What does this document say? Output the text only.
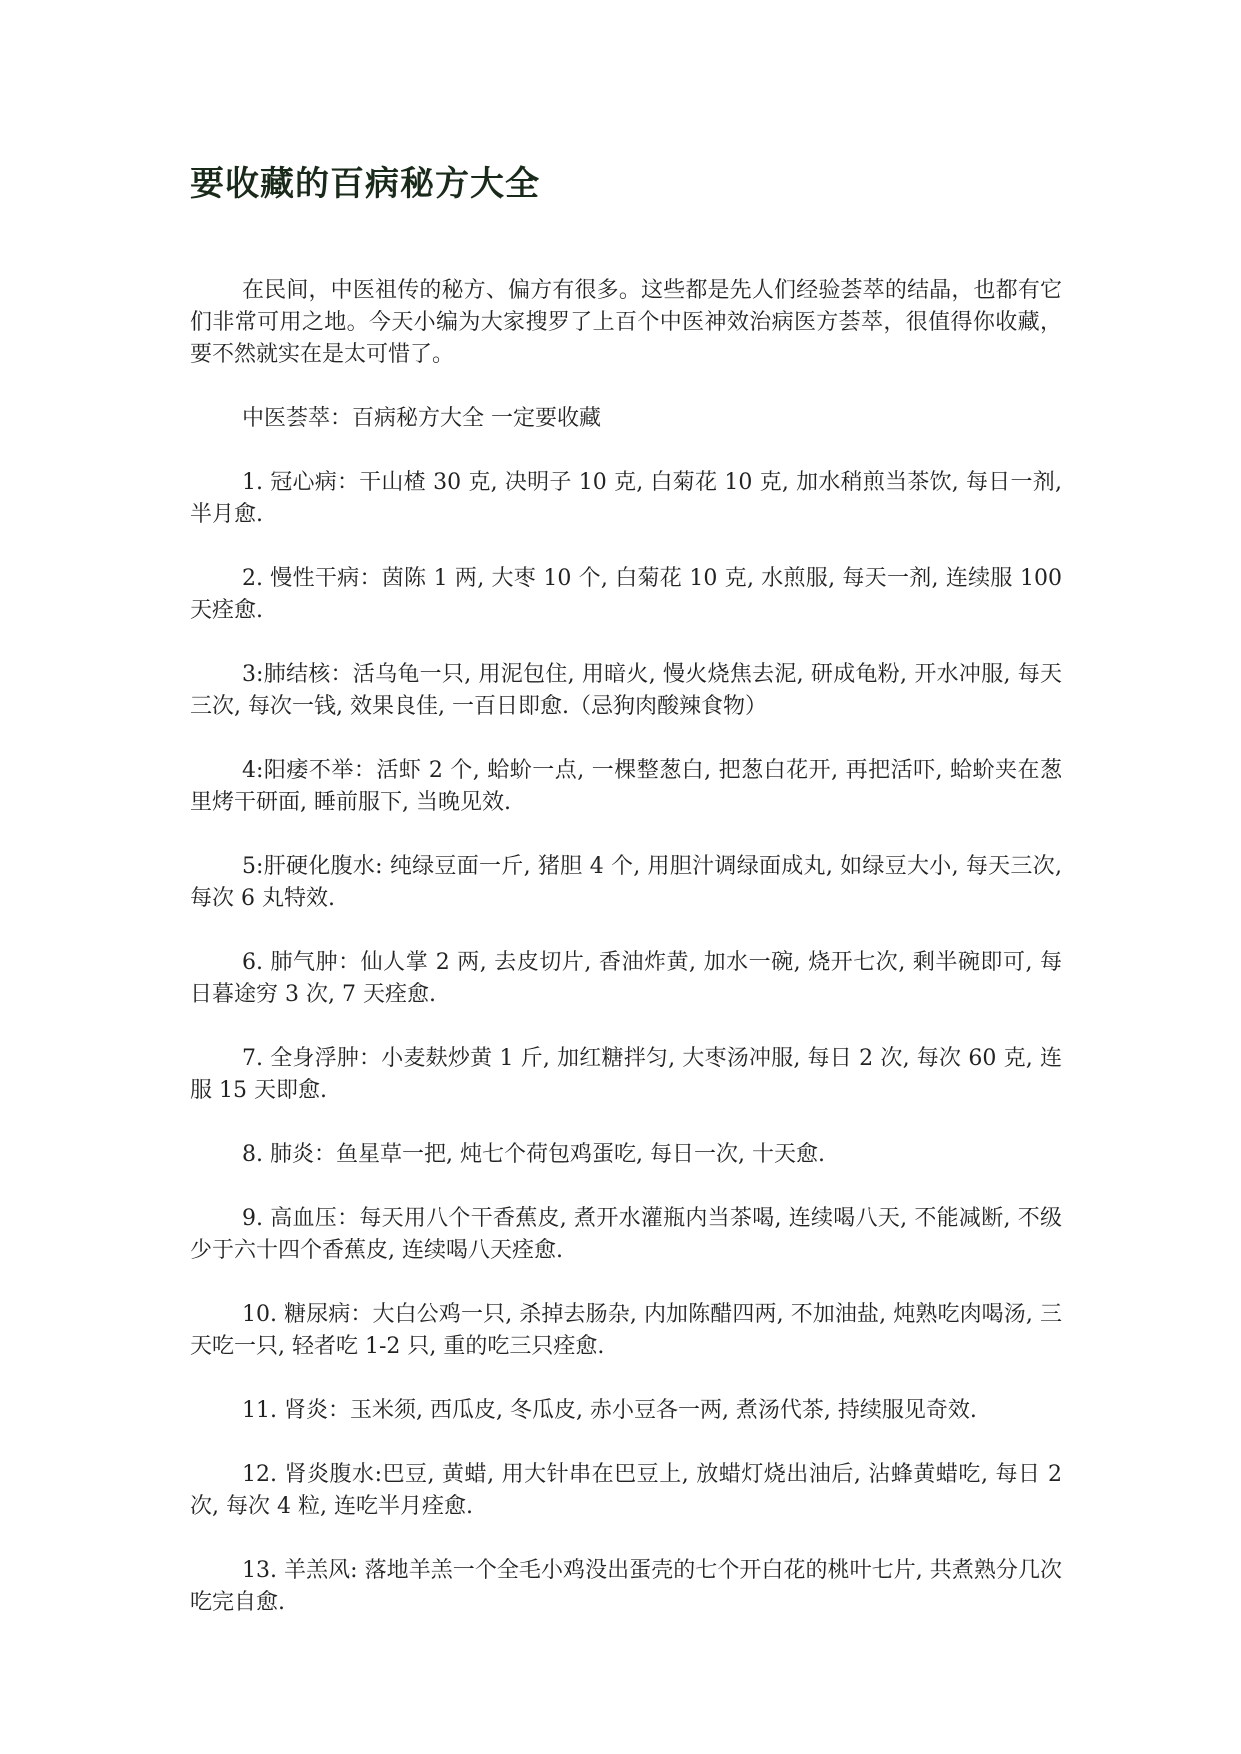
要收藏的百病秘方大全

在民间，中医祖传的秘方、偏方有很多。这些都是先人们经验荟萃的结晶，也都有它们非常可用之地。今天小编为大家搜罗了上百个中医神效治病医方荟萃，很值得你收藏，要不然就实在是太可惜了。

中医荟萃：百病秘方大全 一定要收藏

1. 冠心病：干山楂 30 克, 决明子 10 克, 白菊花 10 克, 加水稍煎当茶饮, 每日一剂, 半月愈.

2. 慢性干病：茵陈 1 两, 大枣 10 个, 白菊花 10 克, 水煎服, 每天一剂, 连续服 100 天痊愈.

3:肺结核：活乌龟一只, 用泥包住, 用暗火, 慢火烧焦去泥, 研成龟粉, 开水冲服, 每天三次, 每次一钱, 效果良佳, 一百日即愈.（忌狗肉酸辣食物）

4:阳痿不举：活虾 2 个, 蛤蚧一点, 一棵整葱白, 把葱白花开, 再把活吓, 蛤蚧夹在葱里烤干研面, 睡前服下, 当晚见效.

5:肝硬化腹水: 纯绿豆面一斤, 猪胆 4 个, 用胆汁调绿面成丸, 如绿豆大小, 每天三次, 每次 6 丸特效.

6. 肺气肿：仙人掌 2 两, 去皮切片, 香油炸黄, 加水一碗, 烧开七次, 剩半碗即可, 每日暮途穷 3 次, 7 天痊愈.

7. 全身浮肿：小麦麸炒黄 1 斤, 加红糖拌匀, 大枣汤冲服, 每日 2 次, 每次 60 克, 连服 15 天即愈.

8. 肺炎：鱼星草一把, 炖七个荷包鸡蛋吃, 每日一次, 十天愈.

9. 高血压：每天用八个干香蕉皮, 煮开水灌瓶内当茶喝, 连续喝八天, 不能减断, 不级少于六十四个香蕉皮, 连续喝八天痊愈.

10. 糖尿病：大白公鸡一只, 杀掉去肠杂, 内加陈醋四两, 不加油盐, 炖熟吃肉喝汤, 三天吃一只, 轻者吃 1-2 只, 重的吃三只痊愈.

11. 肾炎：玉米须, 西瓜皮, 冬瓜皮, 赤小豆各一两, 煮汤代茶, 持续服见奇效.

12. 肾炎腹水:巴豆, 黄蜡, 用大针串在巴豆上, 放蜡灯烧出油后, 沾蜂黄蜡吃, 每日 2 次, 每次 4 粒, 连吃半月痊愈.

13. 羊羔风: 落地羊羔一个全毛小鸡没出蛋壳的七个开白花的桃叶七片, 共煮熟分几次吃完自愈.
